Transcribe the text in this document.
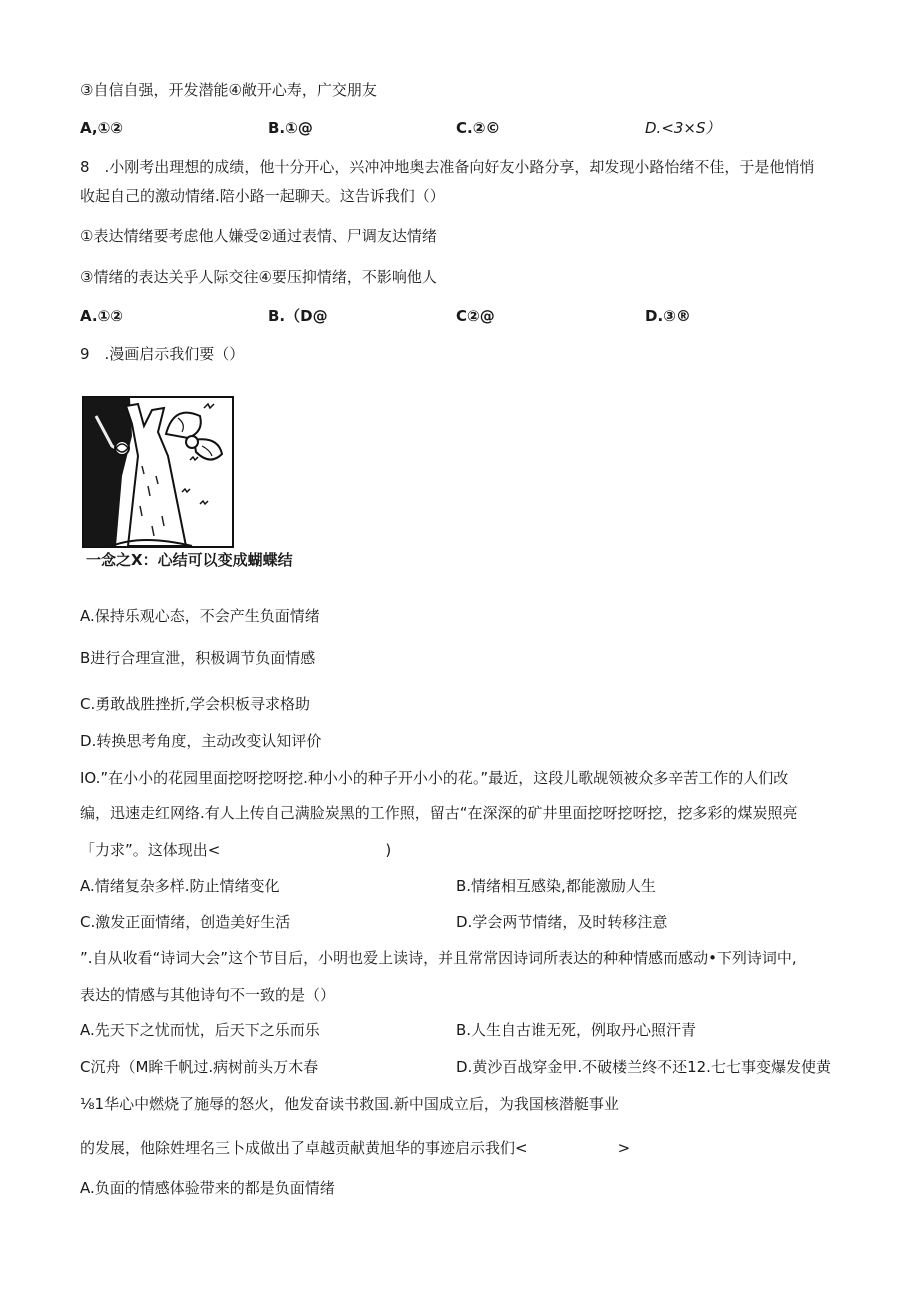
③自信自强，开发潜能④敞开心寿，广交朋友
A,①②	B.①@	C.②©	D.<3×S）
8　.小刚考出理想的成绩，他十分开心，兴冲冲地奥去准备向好友小路分享，却发现小路怡绪不佳，于是他悄悄
收起自己的激动情绪.陪小路一起聊天。这告诉我们（）
①表达情绪要考虑他人嫌受②通过表情、尸调友达情绪
③情绪的表达关乎人际交往④要压抑情绪，不影响他人
A.①②	B.（D@	C②@	D.③®
9　.漫画启示我们要（）
一念之X：心结可以变成蝴蝶结
A.保持乐观心态，不会产生负面情绪
B进行合理宣泄，积极调节负面情感
C.勇敢战胜挫折,学会枳板寻求格助
D.转换思考角度，主动改变认知评价
IO.”在小小的花园里面挖呀挖呀挖.种小小的种子开小小的花。”最近，这段儿歌觇领被众多辛苦工作的人们改
编，迅速走红网络.有人上传自己满脸炭黑的工作照，留古“在深深的矿井里面挖呀挖呀挖，挖多彩的煤炭照亮
「力求”。这体现出<　　　　　　　　　　　)
A.情绪复杂多样.防止情绪变化	B.情绪相互感染,都能激励人生
C.激发正面情绪，创造美好生活	D.学会两节情绪，及时转移注意
”.自从收看“诗词大会”这个节目后，小明也爱上读诗，并且常常因诗词所表达的种种情感而感动•下列诗词中,
表达的情感与其他诗句不一致的是（）
A.先天下之忧而忧，后天下之乐而乐	B.人生自古谁无死，例取丹心照汗青
C沉舟（M眸千帆过.病树前头万木春	D.黄沙百战穿金甲.不破楼兰终不还12.七七事变爆发使黄
⅛1华心中燃烧了施辱的怒火，他发奋读书救国.新中国成立后，为我国核潜艇事业
的发展，他除姓埋名三卜成做出了卓越贡献黄旭华的事迹启示我们<　　　　　　>
A.负面的情感体验带来的都是负面情绪
